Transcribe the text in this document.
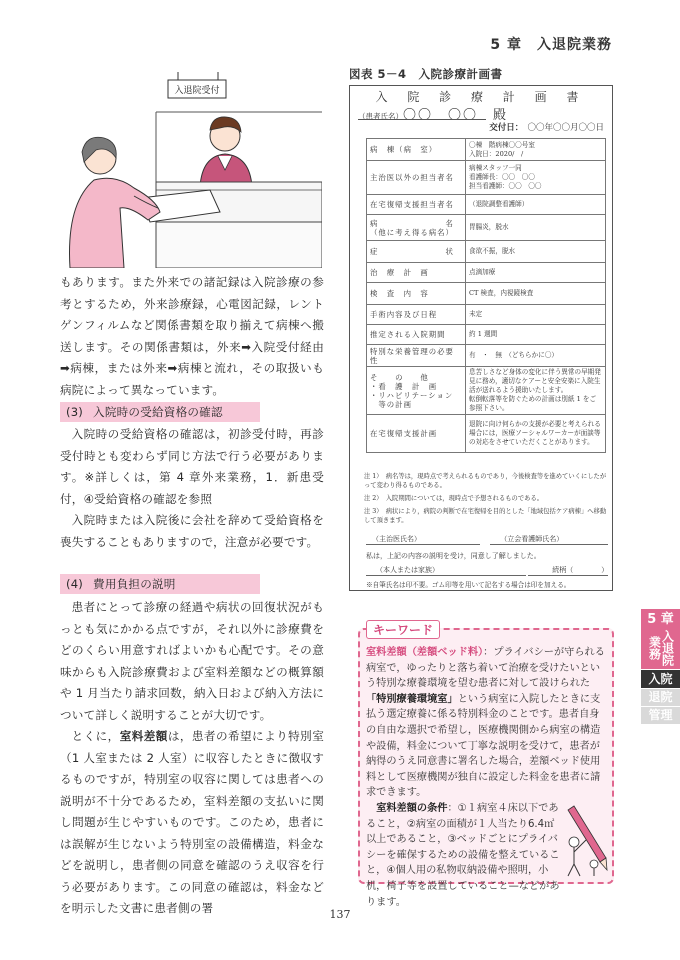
5 章　入退院業務
入退院受付

もあります。また外来での諸記録は入院診療の参考とするため，外来診療録，心電図記録，レントゲンフィルムなど関係書類を取り揃えて病棟へ搬送します。その関係書類は，外来➡入院受付経由➡病棟，または外来➡病棟と流れ，その取扱いも病院によって異なっています。

(3) 入院時の受給資格の確認

入院時の受給資格の確認は，初診受付時，再診受付時とも変わらず同じ方法で行う必要があります。※詳しくは，第 4 章外来業務，1．新患受付，④受給資格の確認を参照

入院時または入院後に会社を辞めて受給資格を喪失することもありますので，注意が必要です。

(4) 費用負担の説明

患者にとって診療の経過や病状の回復状況がもっとも気にかかる点ですが，それ以外に診療費をどのくらい用意すればよいかも心配です。その意味からも入院診療費および室料差額などの概算額や 1 月当たり請求回数，納入日および納入方法について詳しく説明することが大切です。

とくに，室料差額は，患者の希望により特別室（1 人室または 2 人室）に収容したときに徴収するものですが，特別室の収容に関しては患者への説明が不十分であるため，室料差額の支払いに関し問題が生じやすいものです。このため，患者には誤解が生じないよう特別室の設備構造，料金などを説明し，患者側の同意を確認のうえ収容を行う必要があります。この同意の確認は，料金などを明示した文書に患者側の署

図表 5－4　入院診療計画書
入 院 診 療 計 画 書
（患者氏名）〇〇　〇〇　殿
交付日：　 〇〇年〇〇月〇〇日
病　棟（病　室）	〇棟　階病棟〇〇号室
入院日：2020/　/
主治医以外の担当者名	病棟スタッフ一同
看護師長：〇〇　〇〇
担当看護師：〇〇　〇〇
在宅復帰支援担当者名	（退院調整看護師）
病　　　　　　　　名
（他に考え得る病名）	胃腸炎，脱水
症　　　　　　　　状	食欲不振，脱水
治　療　計　画	点滴加療
検　査　内　容	CT 検査，内視鏡検査
手術内容及び日程	未定
推定される入院期間	約 1 週間
特別な栄養管理の必要性	有　・　無　（どちらかに〇）
そ　　の　　他
・看　護　計　画
・リハビリテーション
　等の計画	息苦しさなど身体の変化に伴う異常の早期発見に務め，適切なケアーと安全安楽に入院生活が送れるよう援助いたします。
転倒転落等を防ぐための計画は別紙 1 をご参照下さい。
在宅復帰支援計画	退院に向け何らかの支援が必要と考えられる場合には，医療ソーシャルワーカーが面談等の対応をさせていただくことがあります。
注 1）　病名等は，現時点で考えられるものであり，今後検査等を進めていくにしたがって変わり得るものである。
注 2）　入院期間については，現時点で予想されるものである。
注 3）　病状により，病院の判断で在宅復帰を目的とした「地域包括ケア病棟」へ移動して頂きます。
（主治医氏名）	（立会看護師氏名）
私は，上記の内容の説明を受け，同意し了解しました。
（本人または家族）	続柄（　　　　）
※自筆氏名は印不要。ゴム印等を用いて記名する場合は印を加える。
キーワード

室料差額（差額ベッド料）：プライバシーが守られる病室で，ゆったりと落ち着いて治療を受けたいという特別な療養環境を望む患者に対して設けられた「特別療養環境室」という病室に入院したときに支払う選定療養に係る特別料金のことです。患者自身の自由な選択で希望し，医療機関側から病室の構造や設備，料金について丁寧な説明を受けて，患者が納得のうえ同意書に署名した場合，差額ベッド使用料として医療機関が独自に設定した料金を患者に請求できます。

室料差額の条件：①１病室４床以下であること，②病室の面積が１人当たり6.4㎡以上であること，③ベッドごとにプライバシーを確保するための設備を整えていること，④個人用の私物収納設備や照明，小机，椅子等を設置していること—などがあります。

5 章
入退院業務
入院
退院
管理
137
